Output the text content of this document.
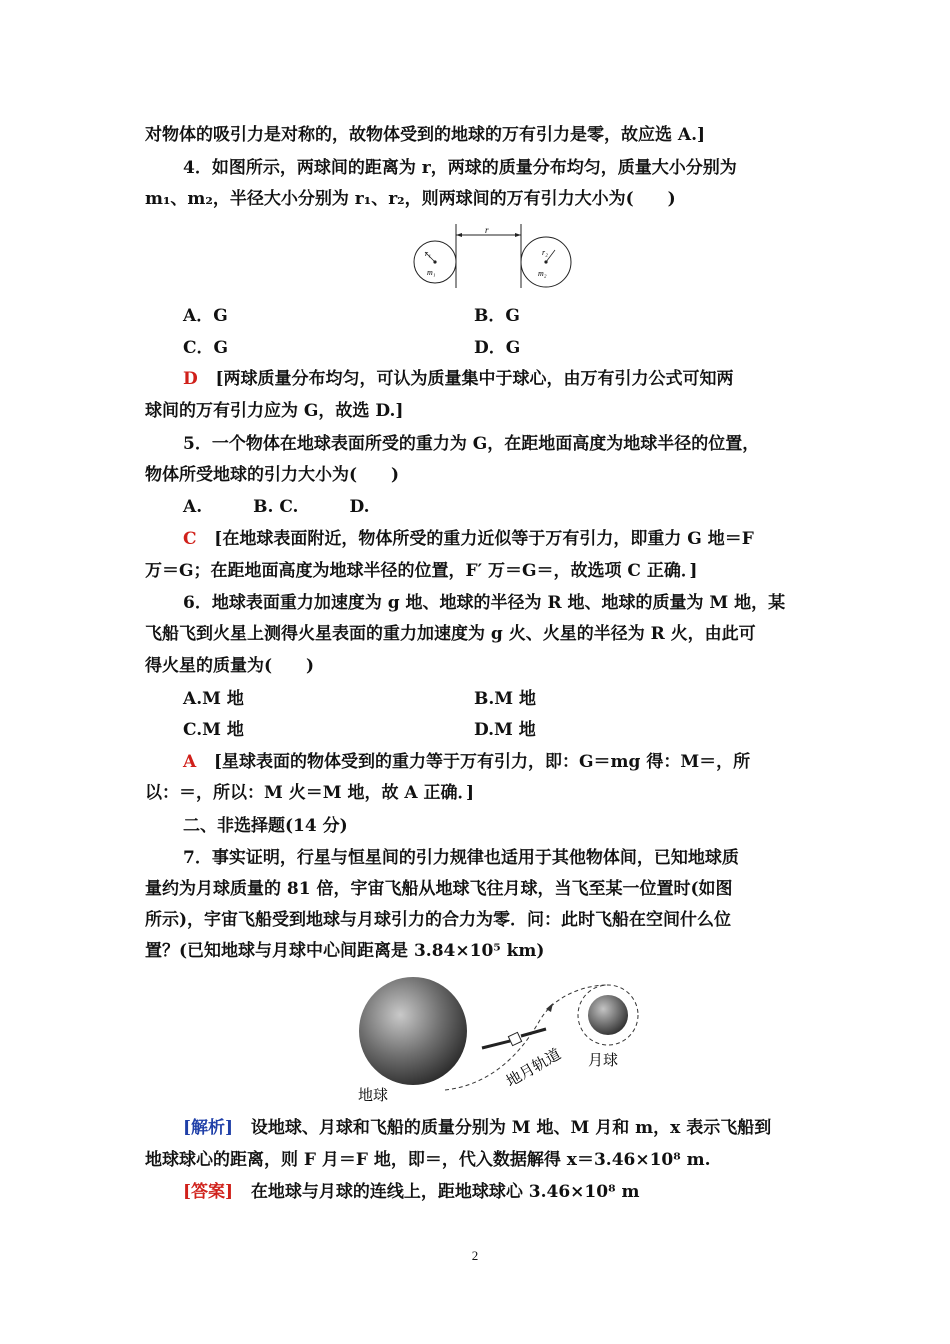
对物体的吸引力是对称的，故物体受到的地球的万有引力是零，故应选 A.]
4．如图所示，两球间的距离为 r，两球的质量分布均匀，质量大小分别为
m₁、m₂，半径大小分别为 r₁、r₂，则两球间的万有引力大小为(　　)
r
r₁
m₁
r₂
m₂
A．G	B．G
C．G	D．G
D [两球质量分布均匀，可认为质量集中于球心，由万有引力公式可知两
球间的万有引力应为 G，故选 D.]
5．一个物体在地球表面所受的重力为 G，在距地面高度为地球半径的位置，
物体所受地球的引力大小为(　　)
A.　　　B. C.　　　D.
C [在地球表面附近，物体所受的重力近似等于万有引力，即重力 G 地＝F
万＝G；在距地面高度为地球半径的位置，F′ 万＝G＝，故选项 C 正确．]
6．地球表面重力加速度为 g 地、地球的半径为 R 地、地球的质量为 M 地，某
飞船飞到火星上测得火星表面的重力加速度为 g 火、火星的半径为 R 火，由此可
得火星的质量为(　　)
A.M 地	B.M 地
C.M 地	D.M 地
A [星球表面的物体受到的重力等于万有引力，即：G＝mg 得：M＝，所
以：＝，所以：M 火＝M 地，故 A 正确．]
二、非选择题(14 分)
7．事实证明，行星与恒星间的引力规律也适用于其他物体间，已知地球质
量约为月球质量的 81 倍，宇宙飞船从地球飞往月球，当飞至某一位置时(如图
所示)，宇宙飞船受到地球与月球引力的合力为零．问：此时飞船在空间什么位
置？(已知地球与月球中心间距离是 3.84×10⁵ km)
地月轨道 月球
地球
[解析] 设地球、月球和飞船的质量分别为 M 地、M 月和 m，x 表示飞船到
地球球心的距离，则 F 月＝F 地，即＝，代入数据解得 x＝3.46×10⁸ m.
[答案] 在地球与月球的连线上，距地球球心 3.46×10⁸ m
2
